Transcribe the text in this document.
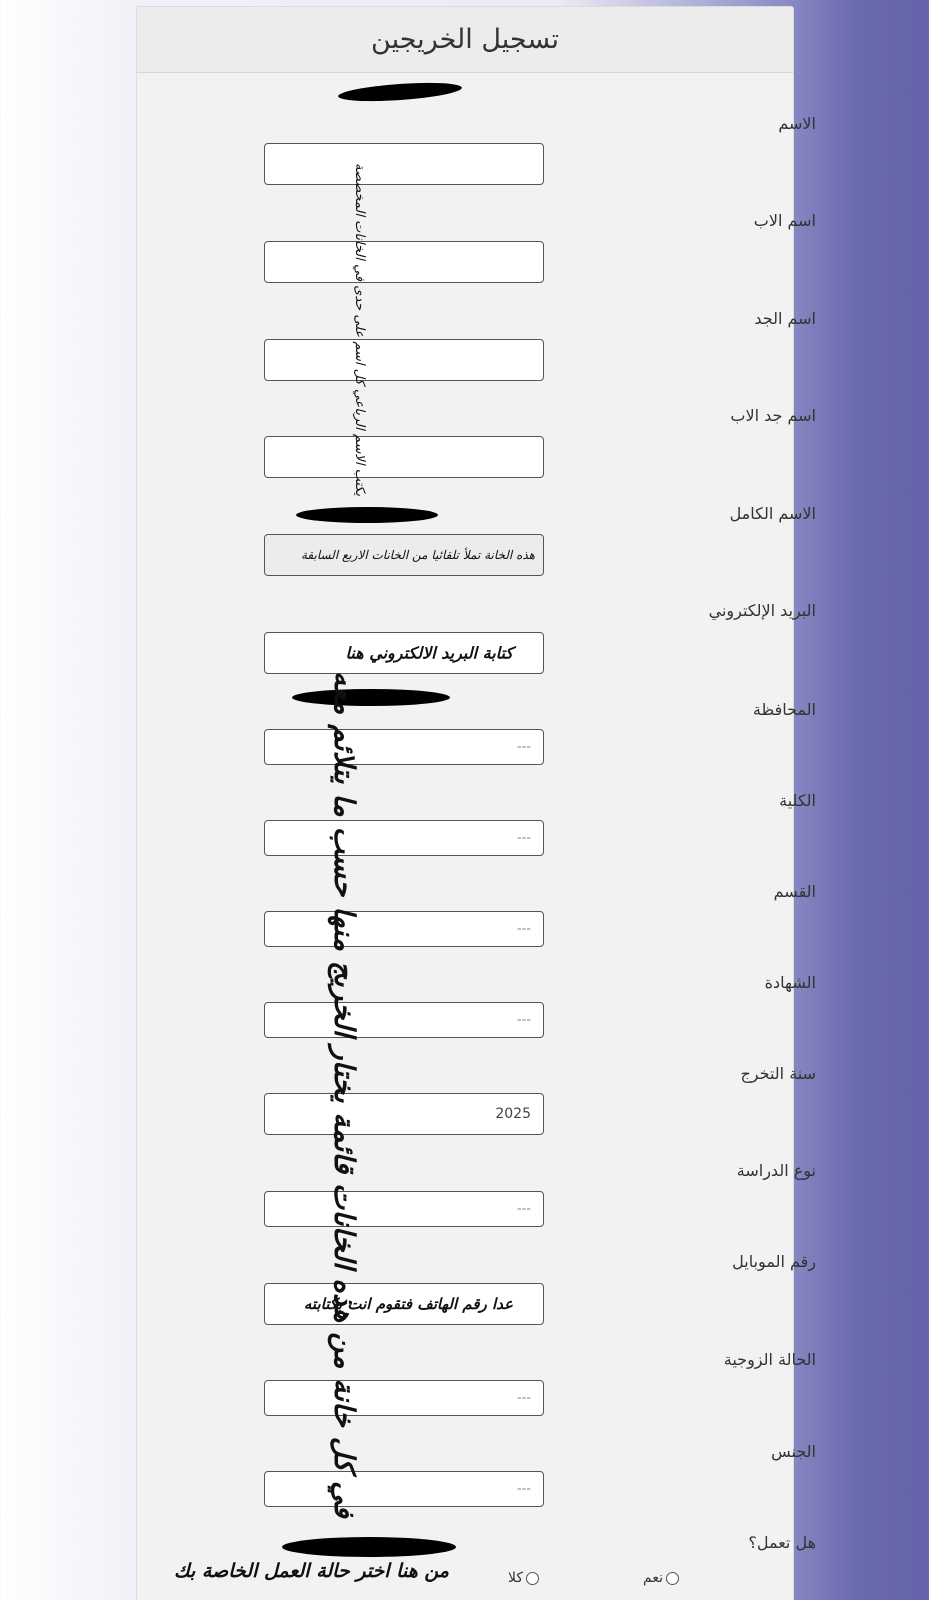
تسجيل الخريجين
الاسم
اسم الاب
اسم الجد
اسم جد الاب
الاسم الكامل
هذه الخانة تملأ تلقائيا من الخانات الاربع السابقة
البريد الإلكتروني
كتابة البريد الالكتروني هنا
المحافظة
---
الكلية
---
القسم
---
الشهادة
---
سنة التخرج
2025
نوع الدراسة
---
رقم الموبايل
عدا رقم الهاتف فتقوم انت بكتابته
الحالة الزوجية
---
الجنس
---
هل تعمل؟
نعم
كلا
يكتب الاسم الرباعي كل اسم على حدى في الخانات المخصصة
في كل خانة من هذه الخانات قائمة يختار الخريج منها حسب ما يتلائم معه
من هنا اختر حالة العمل الخاصة بك
